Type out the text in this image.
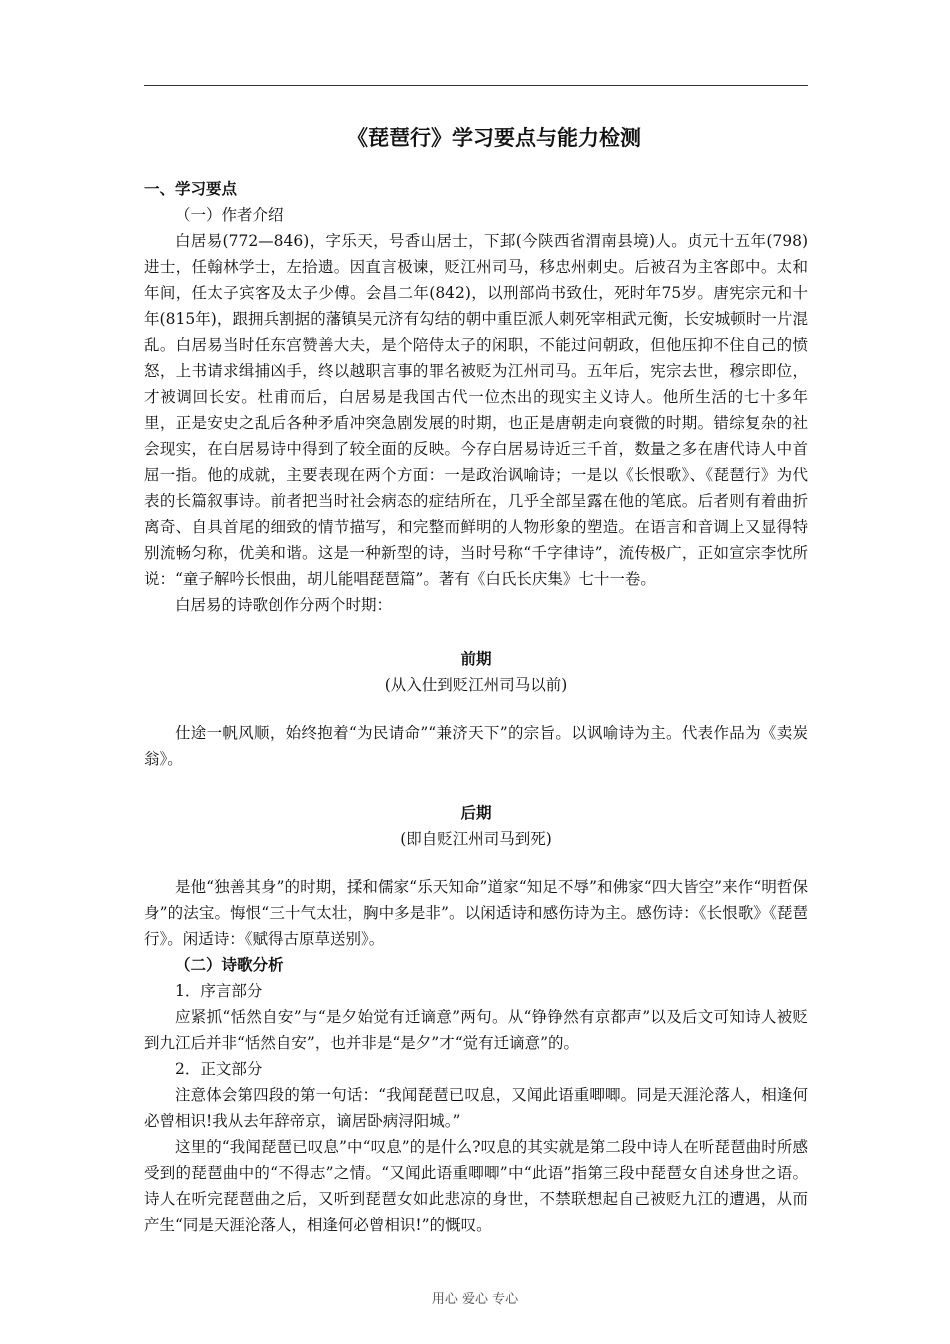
《琵琶行》学习要点与能力检测

一、学习要点

（一）作者介绍

白居易(772—846)，字乐天，号香山居士，下邽(今陕西省渭南县境)人。贞元十五年(798)进士，任翰林学士，左拾遗。因直言极谏，贬江州司马，移忠州刺史。后被召为主客郎中。太和年间，任太子宾客及太子少傅。会昌二年(842)，以刑部尚书致仕，死时年75岁。唐宪宗元和十年(815年)，跟拥兵割据的藩镇吴元济有勾结的朝中重臣派人刺死宰相武元衡，长安城顿时一片混乱。白居易当时任东宫赞善大夫，是个陪侍太子的闲职，不能过问朝政，但他压抑不住自己的愤怒，上书请求缉捕凶手，终以越职言事的罪名被贬为江州司马。五年后，宪宗去世，穆宗即位，才被调回长安。杜甫而后，白居易是我国古代一位杰出的现实主义诗人。他所生活的七十多年里，正是安史之乱后各种矛盾冲突急剧发展的时期，也正是唐朝走向衰微的时期。错综复杂的社会现实，在白居易诗中得到了较全面的反映。今存白居易诗近三千首，数量之多在唐代诗人中首屈一指。他的成就，主要表现在两个方面：一是政治讽喻诗；一是以《长恨歌》、《琵琶行》为代表的长篇叙事诗。前者把当时社会病态的症结所在，几乎全部呈露在他的笔底。后者则有着曲折离奇、自具首尾的细致的情节描写，和完整而鲜明的人物形象的塑造。在语言和音调上又显得特别流畅匀称，优美和谐。这是一种新型的诗，当时号称“千字律诗”，流传极广，正如宣宗李忱所说：“童子解吟长恨曲，胡儿能唱琵琶篇”。著有《白氏长庆集》七十一卷。

白居易的诗歌创作分两个时期：

前期

(从入仕到贬江州司马以前)

仕途一帆风顺，始终抱着“为民请命”“兼济天下”的宗旨。以讽喻诗为主。代表作品为《卖炭翁》。

后期

(即自贬江州司马到死)

是他“独善其身”的时期，揉和儒家“乐天知命”道家“知足不辱”和佛家“四大皆空”来作“明哲保身”的法宝。悔恨“三十气太壮，胸中多是非”。以闲适诗和感伤诗为主。感伤诗：《长恨歌》《琵琶行》。闲适诗：《赋得古原草送别》。

（二）诗歌分析

1．序言部分

应紧抓“恬然自安”与“是夕始觉有迁谪意”两句。从“铮铮然有京都声”以及后文可知诗人被贬到九江后并非“恬然自安”，也并非是“是夕”才“觉有迁谪意”的。

2．正文部分

注意体会第四段的第一句话：“我闻琵琶已叹息，又闻此语重唧唧。同是天涯沦落人，相逢何必曾相识!我从去年辞帝京，谪居卧病浔阳城。”

这里的“我闻琵琶已叹息”中“叹息”的是什么?叹息的其实就是第二段中诗人在听琵琶曲时所感受到的琵琶曲中的“不得志”之情。“又闻此语重唧唧”中“此语”指第三段中琵琶女自述身世之语。诗人在听完琵琶曲之后，又听到琵琶女如此悲凉的身世，不禁联想起自己被贬九江的遭遇，从而产生“同是天涯沦落人，相逢何必曾相识!”的慨叹。

用心 爱心 专心
